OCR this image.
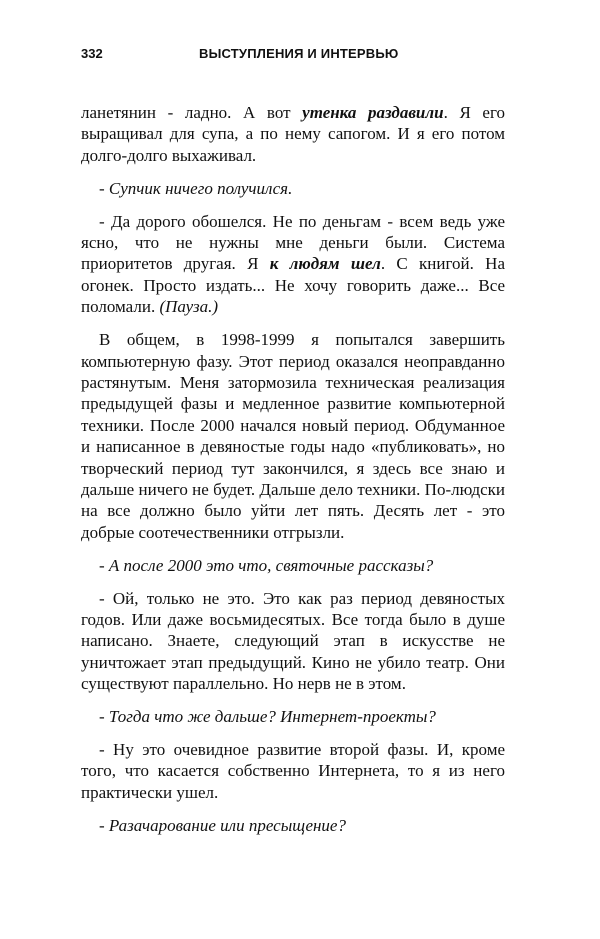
332	ВЫСТУПЛЕНИЯ И ИНТЕРВЬЮ

ланетянин - ладно. А вот утенка раздавили. Я его выращивал для супа, а по нему сапогом. И я его потом долго-долго выхаживал.

- Супчик ничего получился.

- Да дорого обошелся. Не по деньгам - всем ведь уже ясно, что не нужны мне деньги были. Система приоритетов другая. Я к людям шел. С книгой. На огонек. Просто издать... Не хочу говорить даже... Все поломали. (Пауза.)

В общем, в 1998-1999 я попытался завершить компьютерную фазу. Этот период оказался неоправданно растянутым. Меня затормозила техническая реализация предыдущей фазы и медленное развитие компьютерной техники. После 2000 начался новый период. Обдуманное и написанное в девяностые годы надо «публиковать», но творческий период тут закончился, я здесь все знаю и дальше ничего не будет. Дальше дело техники. По-людски на все должно было уйти лет пять. Десять лет - это добрые соотечественники отгрызли.

- А после 2000 это что, святочные рассказы?

- Ой, только не это. Это как раз период девяностых годов. Или даже восьмидесятых. Все тогда было в душе написано. Знаете, следующий этап в искусстве не уничтожает этап предыдущий. Кино не убило театр. Они существуют параллельно. Но нерв не в этом.

- Тогда что же дальше? Интернет-проекты?

- Ну это очевидное развитие второй фазы. И, кроме того, что касается собственно Интернета, то я из него практически ушел.

- Разачарование или пресыщение?
